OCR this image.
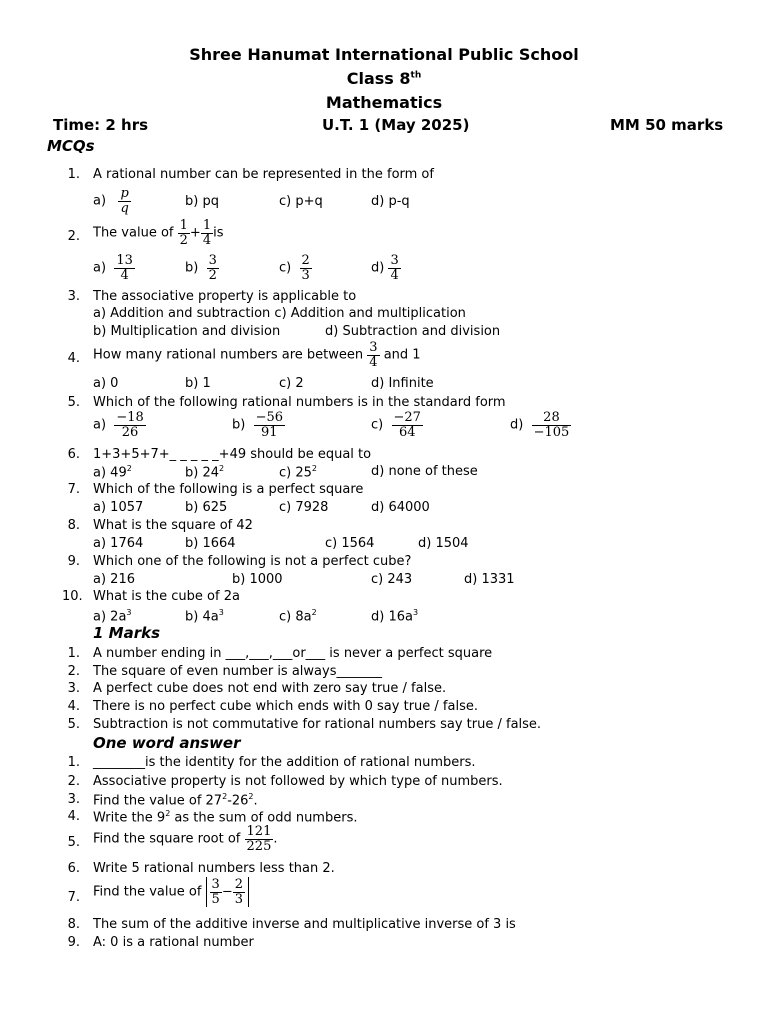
Shree Hanumat International Public School
Class 8th
Mathematics
Time: 2 hrs	U.T. 1 (May 2025)	MM 50 marks
MCQs
1. A rational number can be represented in the form of
$a) \frac{p}{q}$	b) pq	c) p+q	d) p-q
2. The value of $\frac{1}{2} + \frac{1}{4}$ is
$a) \frac{13}{4}$	$b) \frac{3}{2}$	$c) \frac{2}{3}$	$d) \frac{3}{4}$
3. The associative property is applicable to
a) Addition and subtraction c) Addition and multiplication
b) Multiplication and division	d) Subtraction and division
4. How many rational numbers are between $\frac{3}{4}$ and 1
a) 0	b) 1	c) 2	d) Infinite
5. Which of the following rational numbers is in the standard form
$a) \frac{-18}{26}$	$b) \frac{-56}{91}$	$c) \frac{-27}{64}$	$d) \frac{28}{-105}$
6. 1+3+5+7+_ _ _ _ _+49 should be equal to
a) $49^2$	b) $24^2$	c) $25^2$	d) none of these
7. Which of the following is a perfect square
a) 1057	b) 625	c) 7928	d) 64000
8. What is the square of 42
a) 1764	b) 1664	c) 1564	d) 1504
9. Which one of the following is not a perfect cube?
a) 216	b) 1000	c) 243	d) 1331
10. What is the cube of 2a
a) $2a^3$	b) $4a^3$	c) $8a^2$	d) $16a^3$
1 Marks
1. A number ending in ___,___,___or___ is never a perfect square
2. The square of even number is always_______
3. A perfect cube does not end with zero say true / false.
4. There is no perfect cube which ends with 0 say true / false.
5. Subtraction is not commutative for rational numbers say true / false.
One word answer
1. ________is the identity for the addition of rational numbers.
2. Associative property is not followed by which type of numbers.
3. Find the value of $27^2-26^2$.
4. Write the $9^2$ as the sum of odd numbers.
5. Find the square root of $\frac{121}{225}$ .
6. Write 5 rational numbers less than 2.
7. Find the value of $\frac{3}{5} - \frac{2}{3}$
8. The sum of the additive inverse and multiplicative inverse of 3 is
9. A: 0 is a rational number
